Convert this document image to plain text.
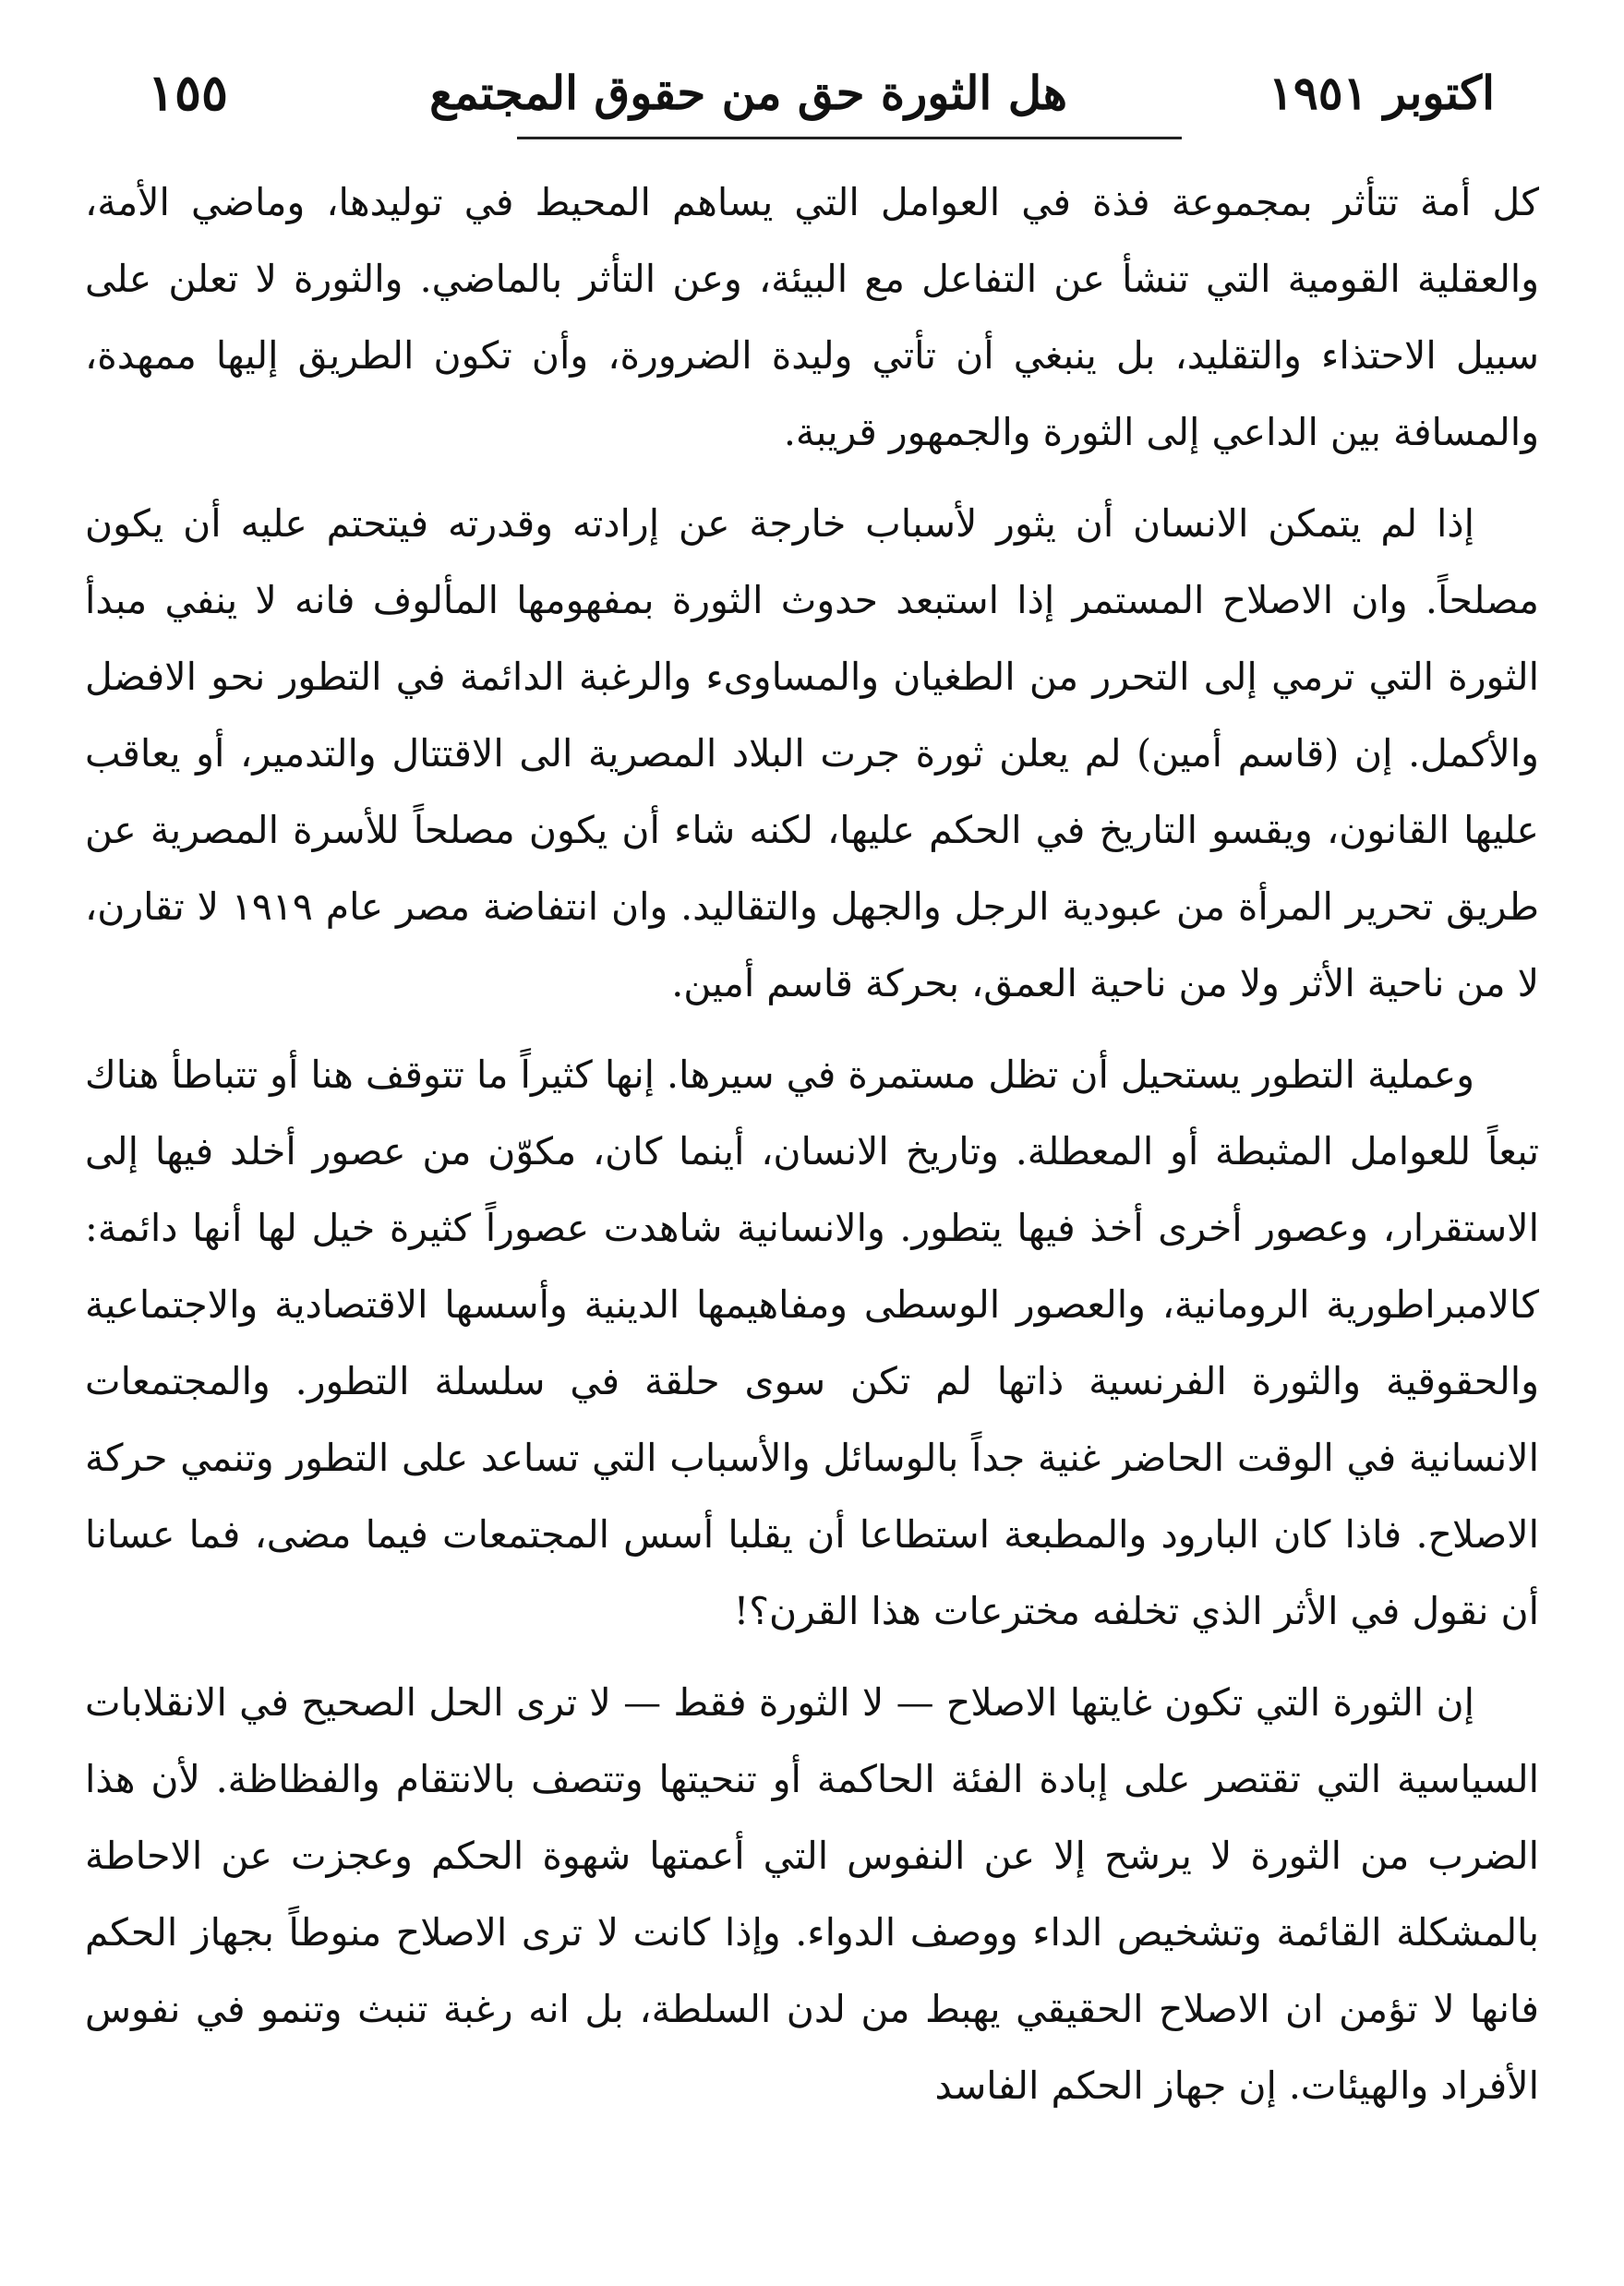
اكتوبر ١٩٥١
هل الثورة حق من حقوق المجتمع
١٥٥

كل أمة تتأثر بمجموعة فذة في العوامل التي يساهم المحيط في توليدها، وماضي الأمة، والعقلية القومية التي تنشأ عن التفاعل مع البيئة، وعن التأثر بالماضي. والثورة لا تعلن على سبيل الاحتذاء والتقليد، بل ينبغي أن تأتي وليدة الضرورة، وأن تكون الطريق إليها ممهدة، والمسافة بين الداعي إلى الثورة والجمهور قريبة.

إذا لم يتمكن الانسان أن يثور لأسباب خارجة عن إرادته وقدرته فيتحتم عليه أن يكون مصلحاً. وان الاصلاح المستمر إذا استبعد حدوث الثورة بمفهومها المألوف فانه لا ينفي مبدأ الثورة التي ترمي إلى التحرر من الطغيان والمساوىء والرغبة الدائمة في التطور نحو الافضل والأكمل. إن (قاسم أمين) لم يعلن ثورة جرت البلاد المصرية الى الاقتتال والتدمير، أو يعاقب عليها القانون، ويقسو التاريخ في الحكم عليها، لكنه شاء أن يكون مصلحاً للأسرة المصرية عن طريق تحرير المرأة من عبودية الرجل والجهل والتقاليد. وان انتفاضة مصر عام ١٩١٩ لا تقارن، لا من ناحية الأثر ولا من ناحية العمق، بحركة قاسم أمين.

وعملية التطور يستحيل أن تظل مستمرة في سيرها. إنها كثيراً ما تتوقف هنا أو تتباطأ هناك تبعاً للعوامل المثبطة أو المعطلة. وتاريخ الانسان، أينما كان، مكوّن من عصور أخلد فيها إلى الاستقرار، وعصور أخرى أخذ فيها يتطور. والانسانية شاهدت عصوراً كثيرة خيل لها أنها دائمة: كالامبراطورية الرومانية، والعصور الوسطى ومفاهيمها الدينية وأسسها الاقتصادية والاجتماعية والحقوقية والثورة الفرنسية ذاتها لم تكن سوى حلقة في سلسلة التطور. والمجتمعات الانسانية في الوقت الحاضر غنية جداً بالوسائل والأسباب التي تساعد على التطور وتنمي حركة الاصلاح. فاذا كان البارود والمطبعة استطاعا أن يقلبا أسس المجتمعات فيما مضى، فما عسانا أن نقول في الأثر الذي تخلفه مخترعات هذا القرن؟!

إن الثورة التي تكون غايتها الاصلاح — لا الثورة فقط — لا ترى الحل الصحيح في الانقلابات السياسية التي تقتصر على إبادة الفئة الحاكمة أو تنحيتها وتتصف بالانتقام والفظاظة. لأن هذا الضرب من الثورة لا يرشح إلا عن النفوس التي أعمتها شهوة الحكم وعجزت عن الاحاطة بالمشكلة القائمة وتشخيص الداء ووصف الدواء. وإذا كانت لا ترى الاصلاح منوطاً بجهاز الحكم فانها لا تؤمن ان الاصلاح الحقيقي يهبط من لدن السلطة، بل انه رغبة تنبث وتنمو في نفوس الأفراد والهيئات. إن جهاز الحكم الفاسد
